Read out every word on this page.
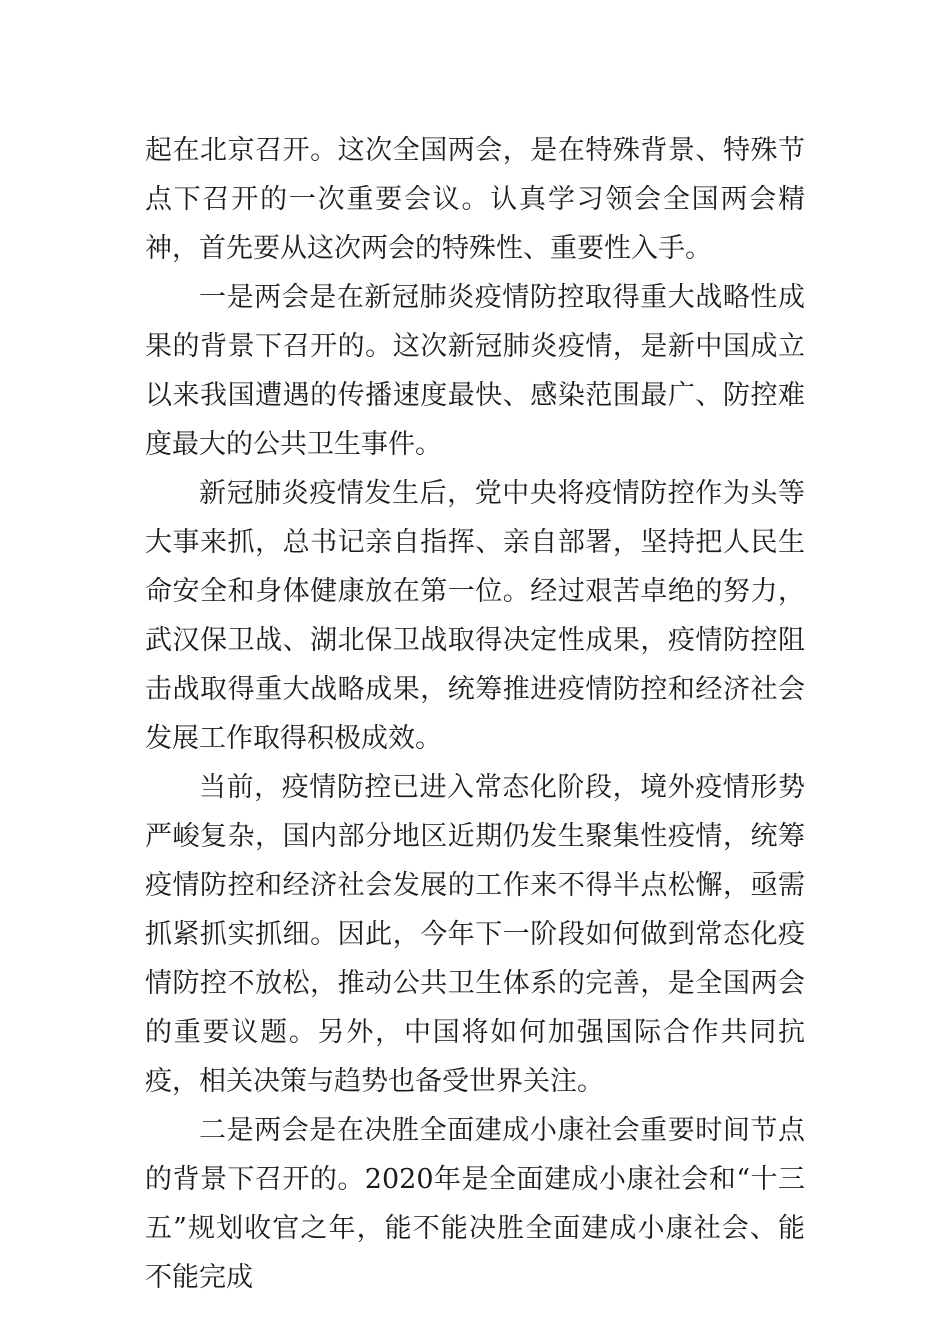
起在北京召开。这次全国两会，是在特殊背景、特殊节点下召开的一次重要会议。认真学习领会全国两会精神，首先要从这次两会的特殊性、重要性入手。

一是两会是在新冠肺炎疫情防控取得重大战略性成果的背景下召开的。这次新冠肺炎疫情，是新中国成立以来我国遭遇的传播速度最快、感染范围最广、防控难度最大的公共卫生事件。

新冠肺炎疫情发生后，党中央将疫情防控作为头等大事来抓，总书记亲自指挥、亲自部署，坚持把人民生命安全和身体健康放在第一位。经过艰苦卓绝的努力，武汉保卫战、湖北保卫战取得决定性成果，疫情防控阻击战取得重大战略成果，统筹推进疫情防控和经济社会发展工作取得积极成效。

当前，疫情防控已进入常态化阶段，境外疫情形势严峻复杂，国内部分地区近期仍发生聚集性疫情，统筹疫情防控和经济社会发展的工作来不得半点松懈，亟需抓紧抓实抓细。因此，今年下一阶段如何做到常态化疫情防控不放松，推动公共卫生体系的完善，是全国两会的重要议题。另外，中国将如何加强国际合作共同抗疫，相关决策与趋势也备受世界关注。

二是两会是在决胜全面建成小康社会重要时间节点的背景下召开的。2020年是全面建成小康社会和“十三五”规划收官之年，能不能决胜全面建成小康社会、能不能完成
